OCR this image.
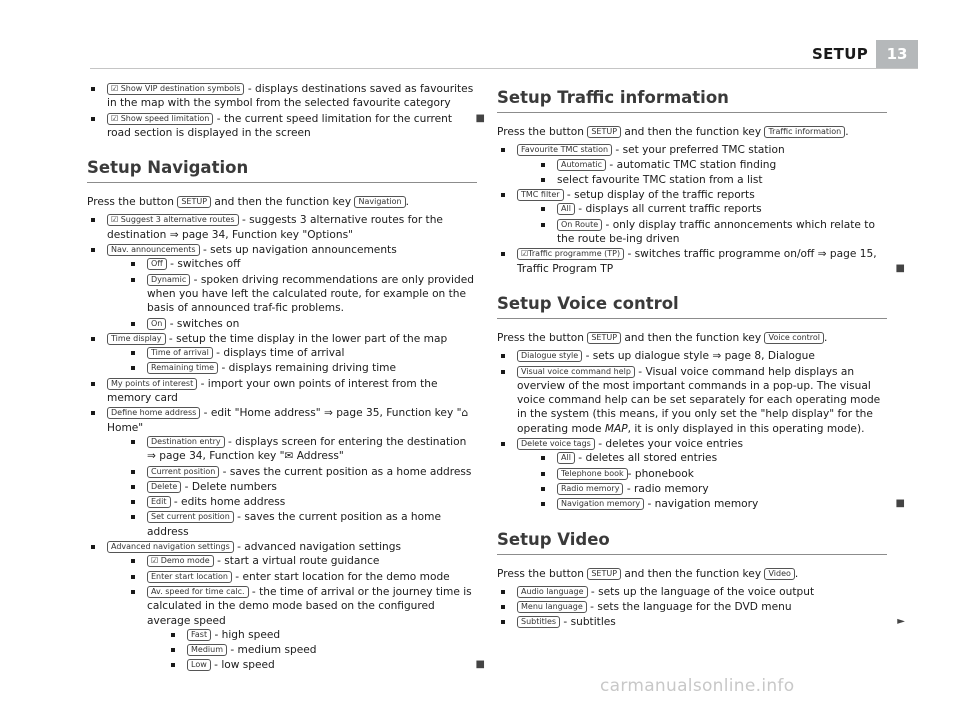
SETUP	13
☑ Show VIP destination symbols - displays destinations saved as favourites in the map with the symbol from the selected favourite category
☑ Show speed limitation - the current speed limitation for the current road section is displayed in the screen
■
Setup Navigation

Press the button SETUP and then the function key Navigation .

☑ Suggest 3 alternative routes - suggests 3 alternative routes for the destination ⇒ page 34, Function key "Options"
Nav. announcements - sets up navigation announcements
Off - switches off
Dynamic - spoken driving recommendations are only provided when you have left the calculated route, for example on the basis of announced traf-fic problems.
On - switches on
Time display - setup the time display in the lower part of the map
Time of arrival - displays time of arrival
Remaining time - displays remaining driving time
My points of interest - import your own points of interest from the memory card
Define home address - edit "Home address" ⇒ page 35, Function key "⌂ Home"
Destination entry - displays screen for entering the destination ⇒ page 34, Function key "✉ Address"
Current position - saves the current position as a home address
Delete - Delete numbers
Edit - edits home address
Set current position - saves the current position as a home address
Advanced navigation settings - advanced navigation settings
☑ Demo mode - start a virtual route guidance
Enter start location - enter start location for the demo mode
Av. speed for time calc. - the time of arrival or the journey time is calculated in the demo mode based on the configured average speed
Fast - high speed
Medium - medium speed
Low - low speed	■
Setup Traffic information

Press the button SETUP and then the function key Traffic information .

Favourite TMC station - set your preferred TMC station
Automatic - automatic TMC station finding
select favourite TMC station from a list
TMC filter - setup display of the traffic reports
All - displays all current traffic reports
On Route - only display traffic annoncements which relate to the route be-ing driven
☑Traffic programme (TP) - switches traffic programme on/off ⇒ page 15, Traffic Program TP	■
Setup Voice control

Press the button SETUP and then the function key Voice control .

Dialogue style - sets up dialogue style ⇒ page 8, Dialogue
Visual voice command help - Visual voice command help displays an overview of the most important commands in a pop-up. The visual voice command help can be set separately for each operating mode in the system (this means, if you only set the "help display" for the operating mode MAP, it is only displayed in this operating mode).
Delete voice tags - deletes your voice entries
All - deletes all stored entries
Telephone book - phonebook
Radio memory - radio memory
Navigation memory - navigation memory	■
Setup Video

Press the button SETUP and then the function key Video .

Audio language - sets up the language of the voice output
Menu language - sets the language for the DVD menu
Subtitles - subtitles	►
carmanualsonline.info
